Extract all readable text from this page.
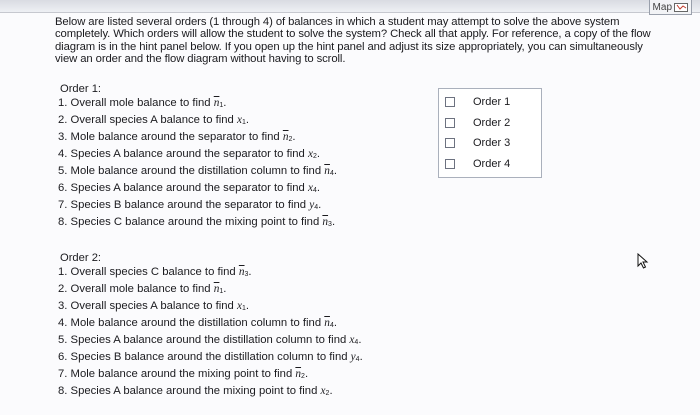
Map
Below are listed several orders (1 through 4) of balances in which a student may attempt to solve the above system completely. Which orders will allow the student to solve the system? Check all that apply. For reference, a copy of the flow diagram is in the hint panel below. If you open up the hint panel and adjust its size appropriately, you can simultaneously view an order and the flow diagram without having to scroll.
Order 1:
1. Overall mole balance to find $\overline{n}_1$.
2. Overall species A balance to find $x_1$.
3. Mole balance around the separator to find $\overline{n}_2$.
4. Species A balance around the separator to find $x_2$.
5. Mole balance around the distillation column to find $\overline{n}_4$.
6. Species A balance around the separator to find $x_4$.
7. Species B balance around the separator to find $y_4$.
8. Species C balance around the mixing point to find $\overline{n}_3$.
Order 2:
1. Overall species C balance to find $\overline{n}_3$.
2. Overall mole balance to find $\overline{n}_1$.
3. Overall species A balance to find $x_1$.
4. Mole balance around the distillation column to find $\overline{n}_4$.
5. Species A balance around the distillation column to find $x_4$.
6. Species B balance around the distillation column to find $y_4$.
7. Mole balance around the mixing point to find $\overline{n}_2$.
8. Species A balance around the mixing point to find $x_2$.
Order 1
Order 2
Order 3
Order 4
